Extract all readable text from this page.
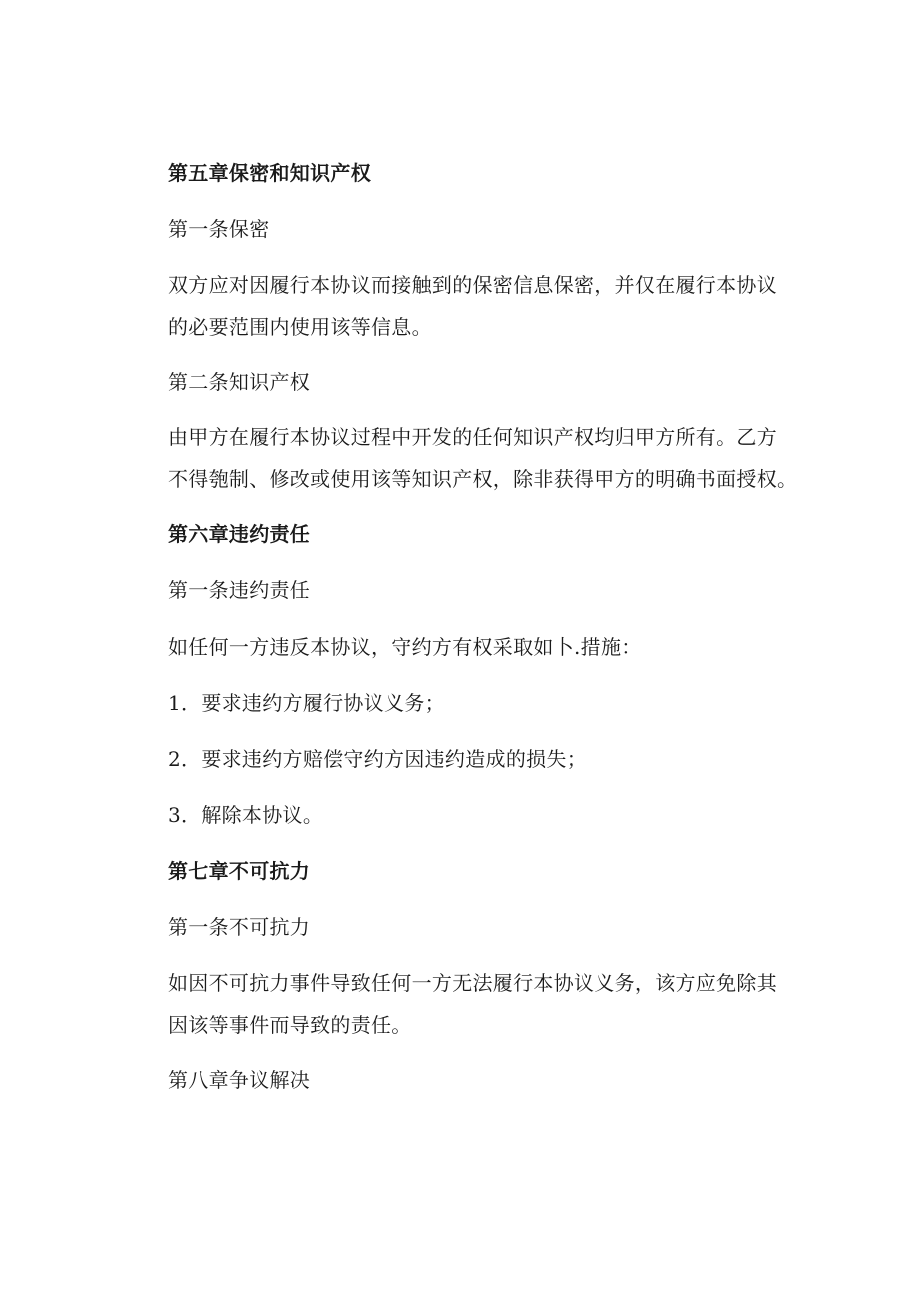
第五章保密和知识产权

第一条保密

双方应对因履行本协议而接触到的保密信息保密，并仅在履行本协议

的必要范围内使用该等信息。

第二条知识产权

由甲方在履行本协议过程中开发的任何知识产权均归甲方所有。乙方

不得匏制、修改或使用该等知识产权，除非获得甲方的明确书面授权。

第六章违约责任

第一条违约责任

如任何一方违反本协议，守约方有权采取如卜.措施：

1．要求违约方履行协议义务；

2．要求违约方赔偿守约方因违约造成的损失；

3．解除本协议。

第七章不可抗力

第一条不可抗力

如因不可抗力事件导致任何一方无法履行本协议义务，该方应免除其

因该等事件而导致的责任。

第八章争议解决
